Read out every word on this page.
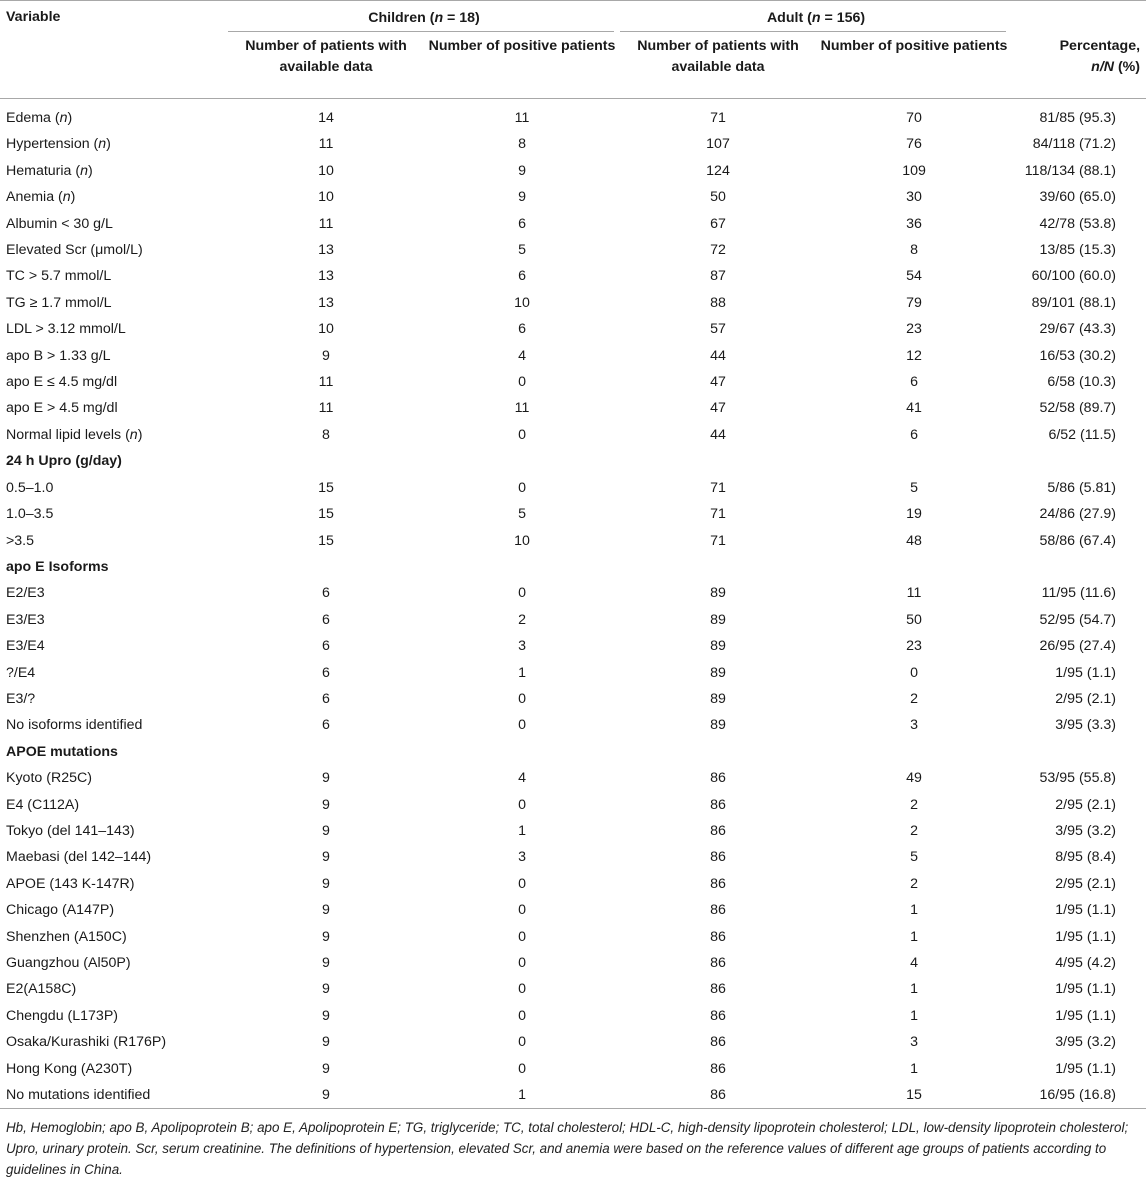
Variable	Children (n = 18)		Adult (n = 156)		

	Number of patients with available data	Number of positive patients	Number of patients with available data	Number of positive patients	Percentage,
n/N (%)
Edema (n)	14	11	71	70	81/85 (95.3)
Hypertension (n)	11	8	107	76	84/118 (71.2)
Hematuria (n)	10	9	124	109	118/134 (88.1)
Anemia (n)	10	9	50	30	39/60 (65.0)
Albumin < 30 g/L	11	6	67	36	42/78 (53.8)
Elevated Scr (μmol/L)	13	5	72	8	13/85 (15.3)
TC > 5.7 mmol/L	13	6	87	54	60/100 (60.0)
TG ≥ 1.7 mmol/L	13	10	88	79	89/101 (88.1)
LDL > 3.12 mmol/L	10	6	57	23	29/67 (43.3)
apo B > 1.33 g/L	9	4	44	12	16/53 (30.2)
apo E ≤ 4.5 mg/dl	11	0	47	6	6/58 (10.3)
apo E > 4.5 mg/dl	11	11	47	41	52/58 (89.7)
Normal lipid levels (n)	8	0	44	6	6/52 (11.5)
24 h Upro (g/day)					
0.5–1.0	15	0	71	5	5/86 (5.81)
1.0–3.5	15	5	71	19	24/86 (27.9)
>3.5	15	10	71	48	58/86 (67.4)
apo E Isoforms					
E2/E3	6	0	89	11	11/95 (11.6)
E3/E3	6	2	89	50	52/95 (54.7)
E3/E4	6	3	89	23	26/95 (27.4)
?/E4	6	1	89	0	1/95 (1.1)
E3/?	6	0	89	2	2/95 (2.1)
No isoforms identified	6	0	89	3	3/95 (3.3)
APOE mutations					
Kyoto (R25C)	9	4	86	49	53/95 (55.8)
E4 (C112A)	9	0	86	2	2/95 (2.1)
Tokyo (del 141–143)	9	1	86	2	3/95 (3.2)
Maebasi (del 142–144)	9	3	86	5	8/95 (8.4)
APOE (143 K-147R)	9	0	86	2	2/95 (2.1)
Chicago (A147P)	9	0	86	1	1/95 (1.1)
Shenzhen (A150C)	9	0	86	1	1/95 (1.1)
Guangzhou (Al50P)	9	0	86	4	4/95 (4.2)
E2(A158C)	9	0	86	1	1/95 (1.1)
Chengdu (L173P)	9	0	86	1	1/95 (1.1)
Osaka/Kurashiki (R176P)	9	0	86	3	3/95 (3.2)
Hong Kong (A230T)	9	0	86	1	1/95 (1.1)
No mutations identified	9	1	86	15	16/95 (16.8)
Hb, Hemoglobin; apo B, Apolipoprotein B; apo E, Apolipoprotein E; TG, triglyceride; TC, total cholesterol; HDL-C, high-density lipoprotein cholesterol; LDL, low-density lipoprotein cholesterol; Upro, urinary protein. Scr, serum creatinine. The definitions of hypertension, elevated Scr, and anemia were based on the reference values of different age groups of patients according to guidelines in China.
